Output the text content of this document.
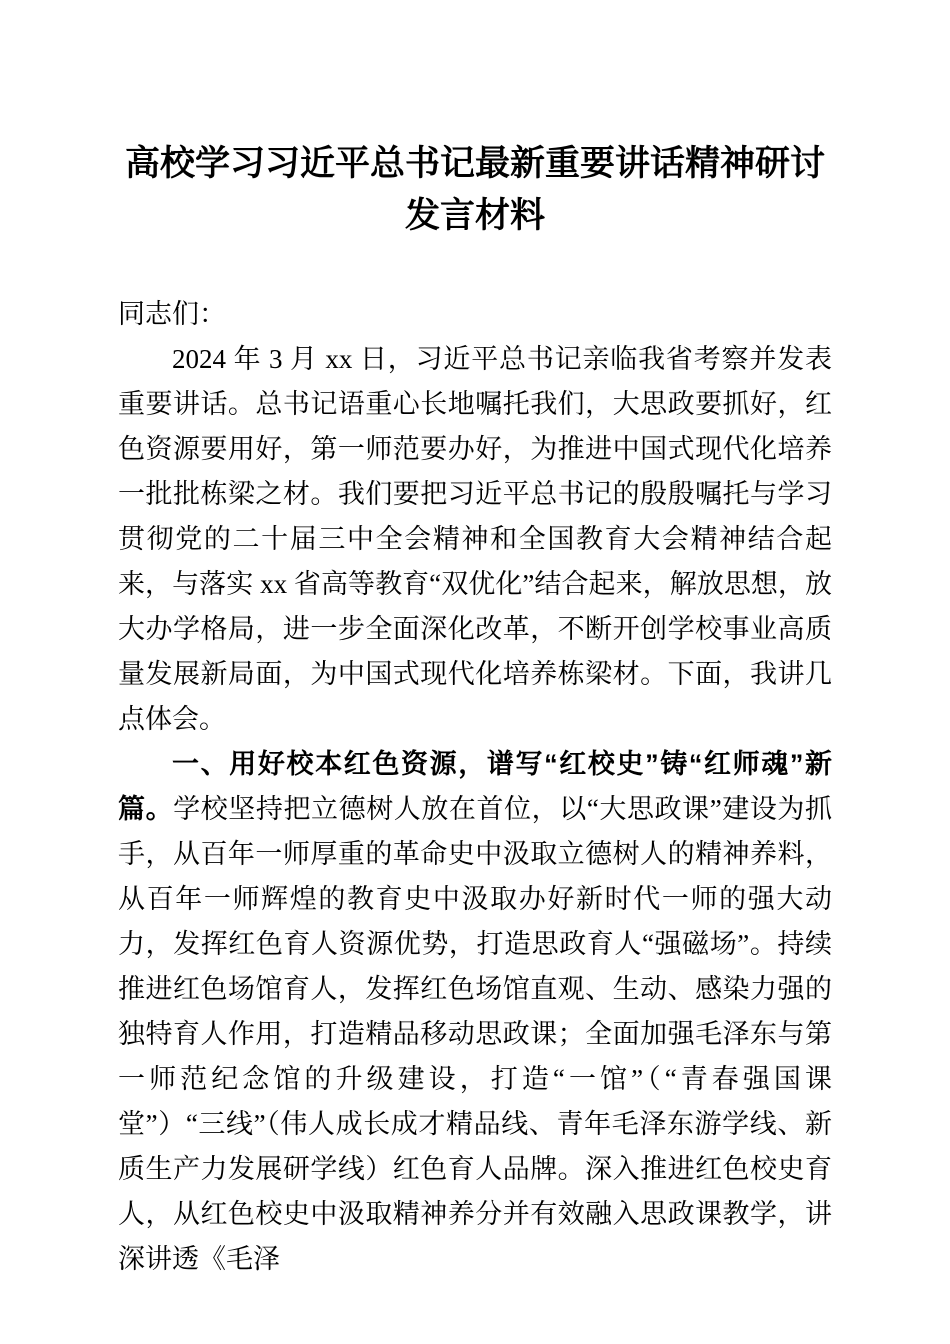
高校学习习近平总书记最新重要讲话精神研讨发言材料

同志们：

2024 年 3 月 xx 日，习近平总书记亲临我省考察并发表重要讲话。总书记语重心长地嘱托我们，大思政要抓好，红色资源要用好，第一师范要办好，为推进中国式现代化培养一批批栋梁之材。我们要把习近平总书记的殷殷嘱托与学习贯彻党的二十届三中全会精神和全国教育大会精神结合起来，与落实 xx 省高等教育“双优化”结合起来，解放思想，放大办学格局，进一步全面深化改革，不断开创学校事业高质量发展新局面，为中国式现代化培养栋梁材。下面，我讲几点体会。

一、用好校本红色资源，谱写“红校史”铸“红师魂”新篇。学校坚持把立德树人放在首位，以“大思政课”建设为抓手，从百年一师厚重的革命史中汲取立德树人的精神养料，从百年一师辉煌的教育史中汲取办好新时代一师的强大动力，发挥红色育人资源优势，打造思政育人“强磁场”。持续推进红色场馆育人，发挥红色场馆直观、生动、感染力强的独特育人作用，打造精品移动思政课；全面加强毛泽东与第一师范纪念馆的升级建设，打造“一馆”（“青春强国课堂”）“三线”（伟人成长成才精品线、青年毛泽东游学线、新质生产力发展研学线）红色育人品牌。深入推进红色校史育人，从红色校史中汲取精神养分并有效融入思政课教学，讲深讲透《毛泽
